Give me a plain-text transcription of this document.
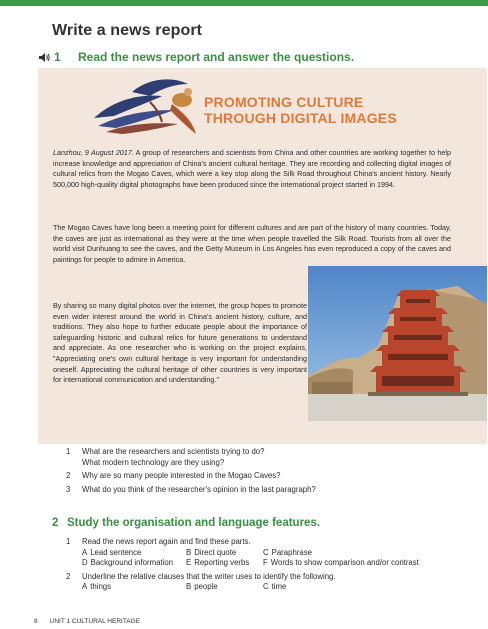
Write a news report
1	Read the news report and answer the questions.
PROMOTING CULTURE
THROUGH DIGITAL IMAGES

Lanzhou, 9 August 2017. A group of researchers and scientists from China and other countries are working together to help increase knowledge and appreciation of China's ancient cultural heritage. They are recording and collecting digital images of cultural relics from the Mogao Caves, which were a key stop along the Silk Road throughout China's ancient history. Nearly 500,000 high-quality digital photographs have been produced since the international project started in 1994.

The Mogao Caves have long been a meeting point for different cultures and are part of the history of many countries. Today, the caves are just as international as they were at the time when people travelled the Silk Road. Tourists from all over the world visit Dunhuang to see the caves, and the Getty Museum in Los Angeles has even reproduced a copy of the caves and paintings for people to admire in America.

By sharing so many digital photos over the internet, the group hopes to promote even wider interest around the world in China's ancient history, culture, and traditions. They also hope to further educate people about the importance of safeguarding historic and cultural relics for future generations to understand and appreciate. As one researcher who is working on the project explains, "Appreciating one's own cultural heritage is very important for understanding oneself. Appreciating the cultural heritage of other countries is very important for international communication and understanding."

1	What are the researchers and scientists trying to do?
What modern technology are they using?
2	Why are so many people interested in the Mogao Caves?
3	What do you think of the researcher's opinion in the last paragraph?
2 Study the organisation and language features.
1	Read the news report again and find these parts.
A Lead sentence	B Direct quote	C Paraphrase
D Background information	E Reporting verbs	F Words to show comparison and/or contrast
2	Underline the relative clauses that the writer uses to identify the following.
A things	B people	C time
8 UNIT 1 CULTURAL HERITAGE
